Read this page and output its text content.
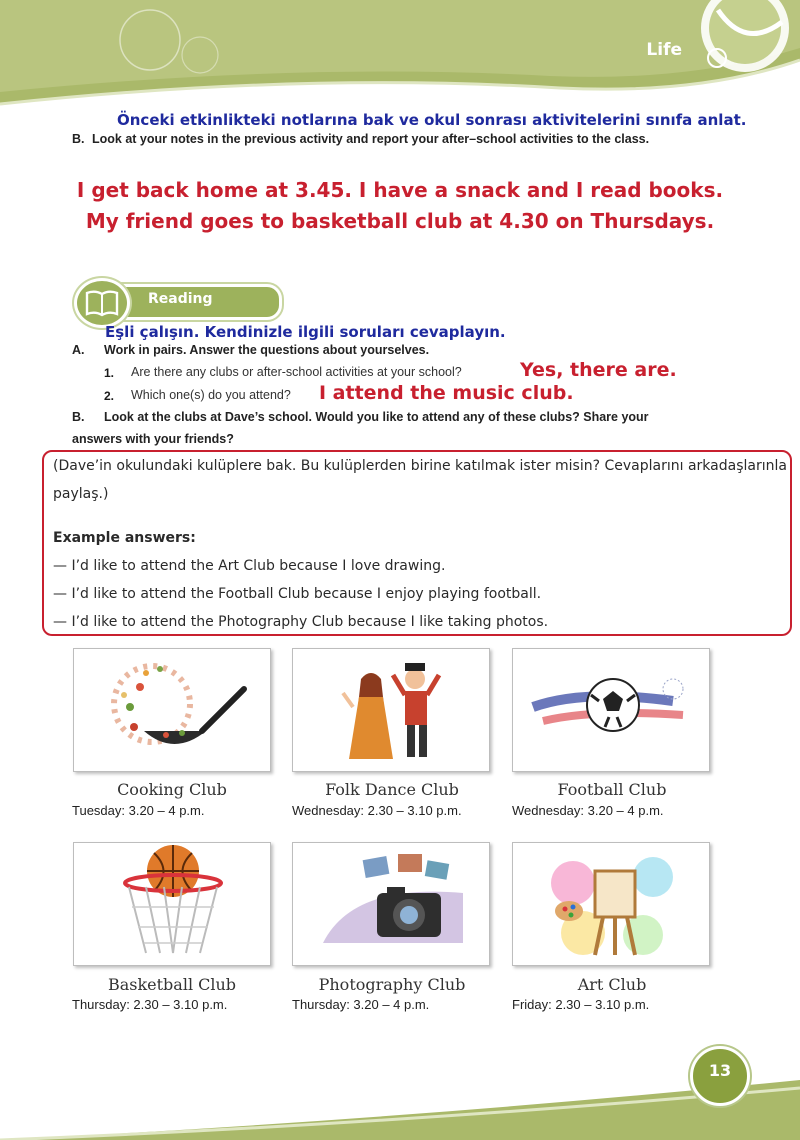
Life
Önceki etkinlikteki notlarına bak ve okul sonrası aktivitelerini sınıfa anlat.
B. Look at your notes in the previous activity and report your after–school activities to the class.
I get back home at 3.45. I have a snack and I read books.
My friend goes to basketball club at 4.30 on Thursdays.
Reading
Eşli çalışın. Kendinizle ilgili soruları cevaplayın.
A. Work in pairs. Answer the questions about yourselves.
1. Are there any clubs or after-school activities at your school?	Yes, there are.
2. Which one(s) do you attend? I attend the music club.
B. Look at the clubs at Dave’s school. Would you like to attend any of these clubs? Share your
answers with your friends?
(Dave’in okulundaki kulüplere bak. Bu kulüplerden birine katılmak ister misin? Cevaplarını arkadaşlarınla
paylaş.)
Example answers:
— I’d like to attend the Art Club because I love drawing.
— I’d like to attend the Football Club because I enjoy playing football.
— I’d like to attend the Photography Club because I like taking photos.
Cooking Club	Folk Dance Club	Football Club
Tuesday: 3.20 – 4 p.m.	Wednesday: 2.30 – 3.10 p.m.	Wednesday: 3.20 – 4 p.m.
Basketball Club	Photography Club	Art Club
Thursday: 2.30 – 3.10 p.m.	Thursday: 3.20 – 4 p.m.	Friday: 2.30 – 3.10 p.m.
13
